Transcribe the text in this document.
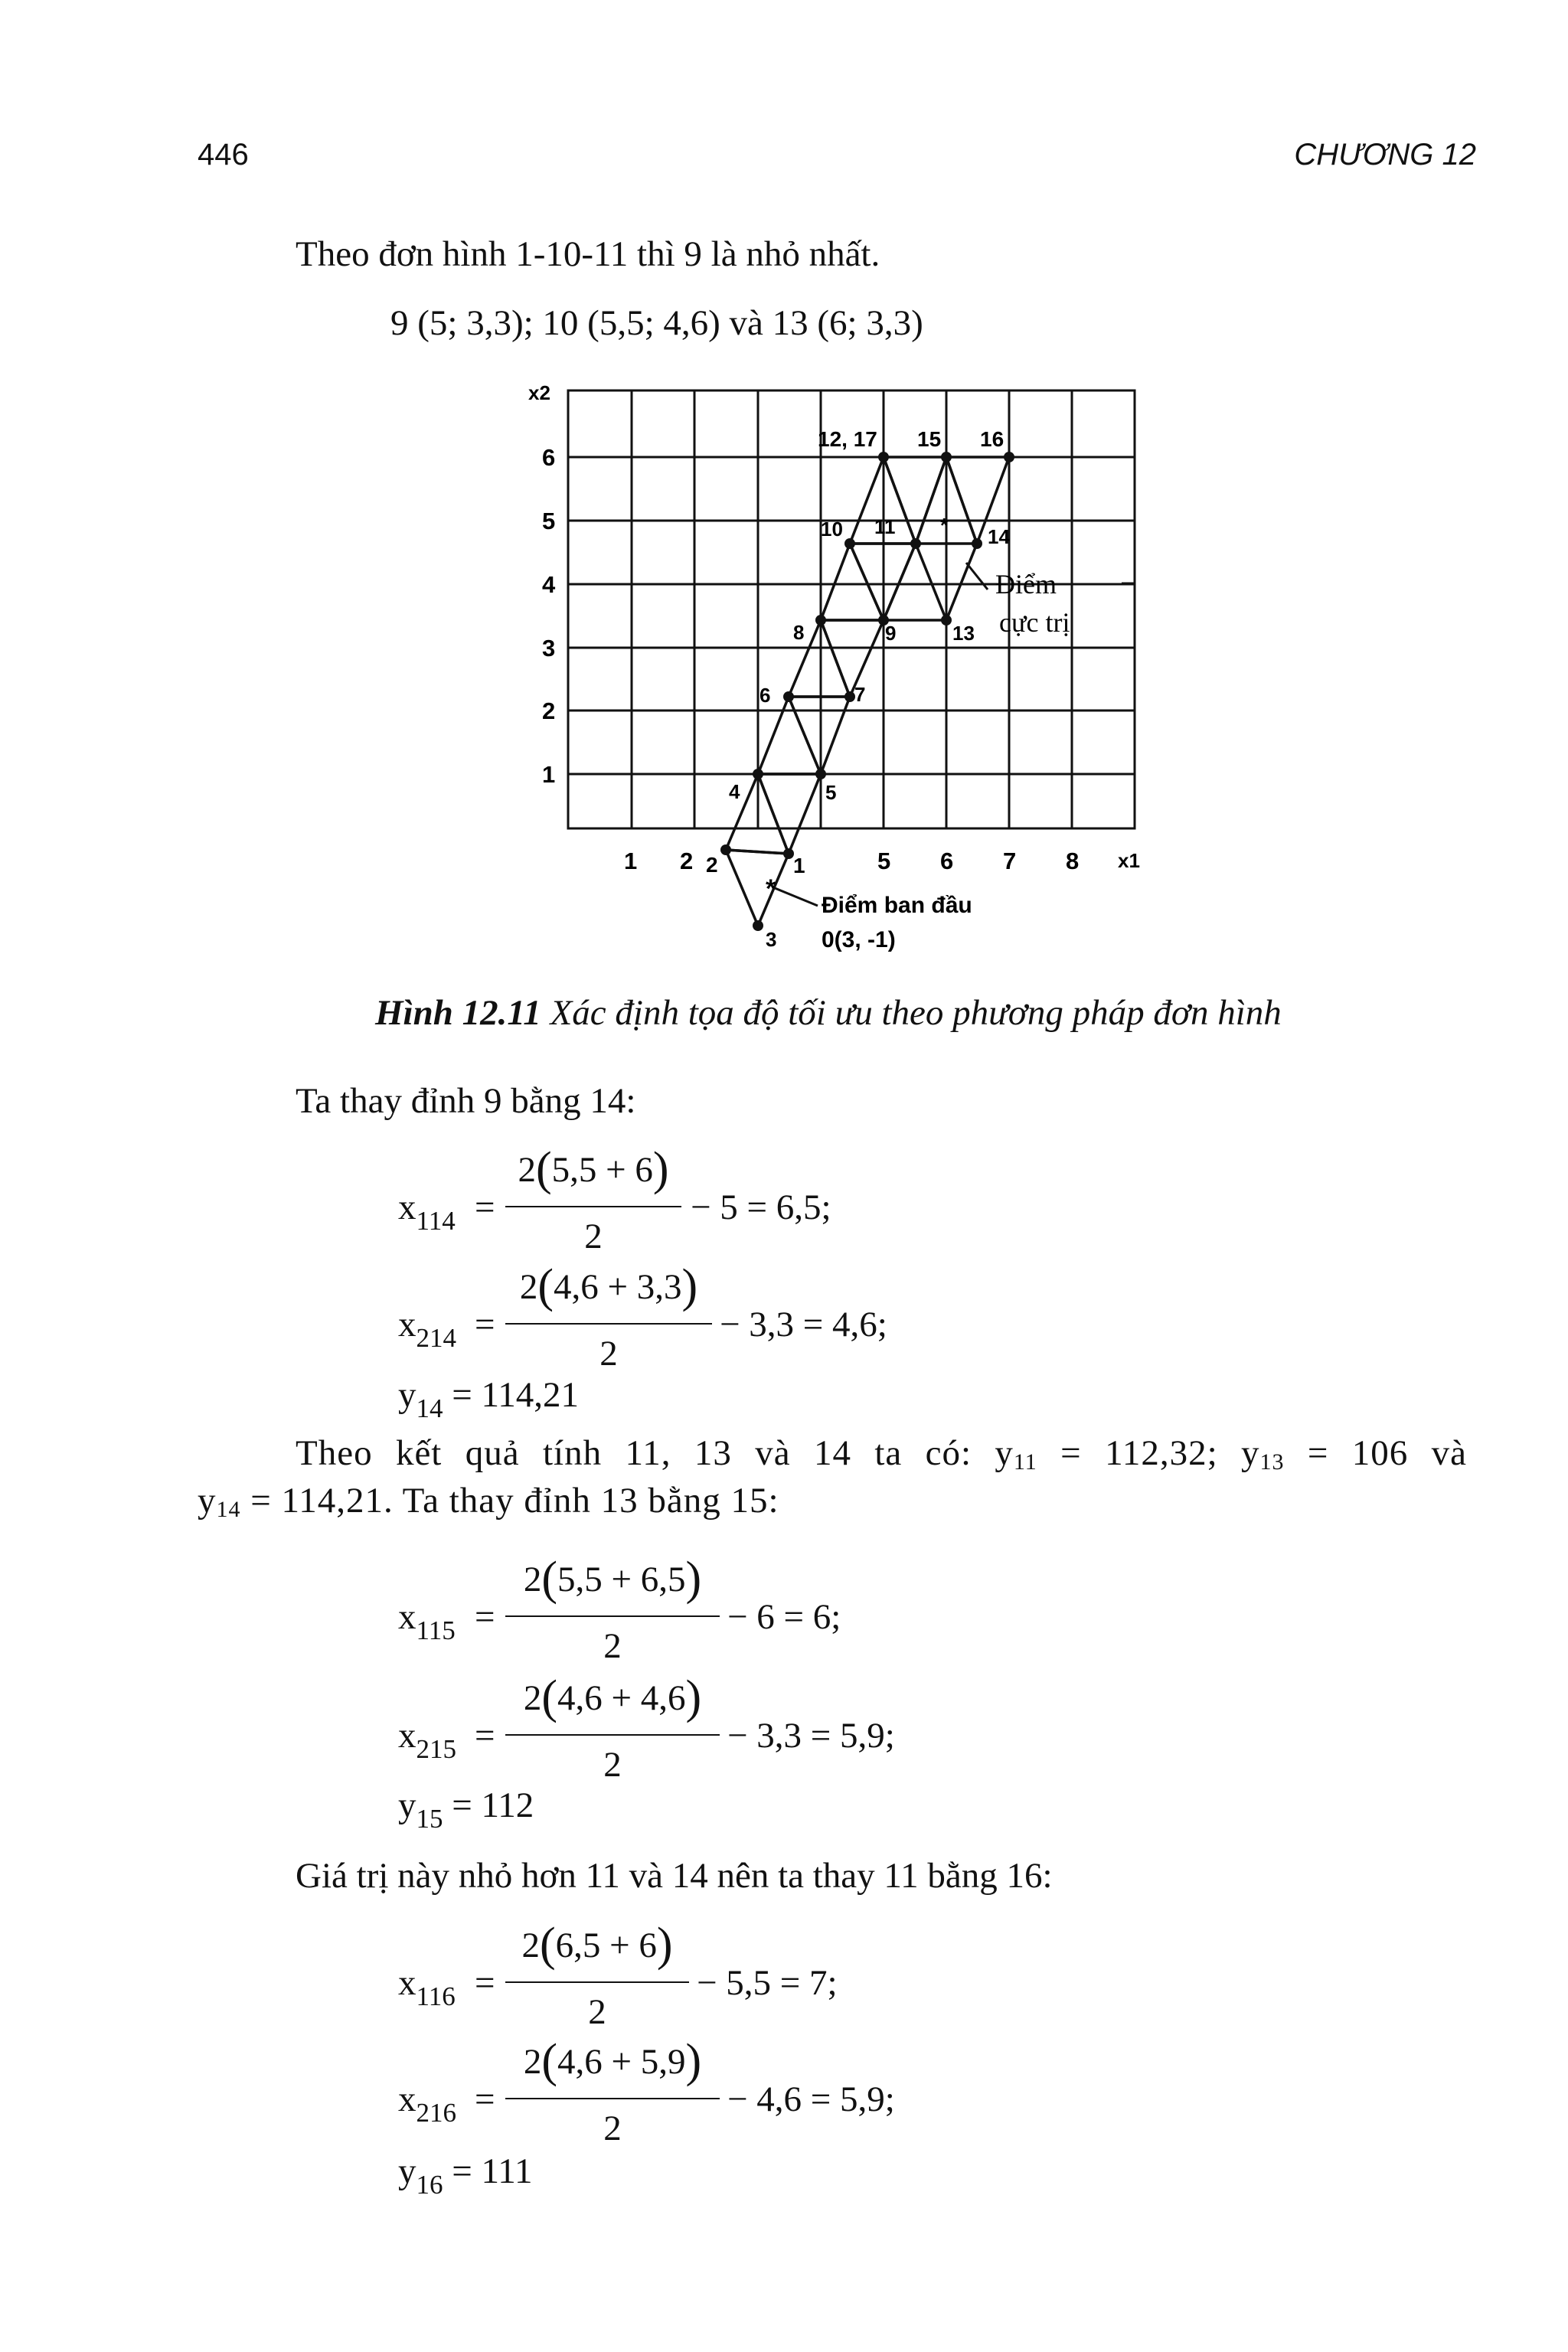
446	CHƯƠNG 12
Theo đơn hình 1-10-11 thì 9 là nhỏ nhất.
9 (5; 3,3); 10 (5,5; 4,6) và 13 (6; 3,3)
*
*
x2
x1
6
5
4
3
2
1
1 2	5 6 7 8
12, 17 15 16
10 11	14
8	9	13
6	7
4	5
2	1
3
Điểm
cực trị
Điểm ban đầu
0(3, -1)
Hình 12.11 Xác định tọa độ tối ưu theo phương pháp đơn hình
Ta thay đỉnh 9 bằng 14:
$x_{114}$ =
2(5,5 + 6)
2
− 5 = 6,5;
$x_{214}$ =
2(4,6 + 3,3)
2
− 3,3 = 4,6;
$y_{14} = 114,21$
Theo kết quả tính 11, 13 và 14 ta có: $y_{11} = 112,32$; $y_{13} = 106$ và
$y_{14} = 114,21$. Ta thay đỉnh 13 bằng 15:
$x_{115}$ =
2(5,5 + 6,5)
2
− 6 = 6;
$x_{215}$ =
2(4,6 + 4,6)
2
− 3,3 = 5,9;
$y_{15} = 112$
Giá trị này nhỏ hơn 11 và 14 nên ta thay 11 bằng 16:
$x_{116}$ =
2(6,5 + 6)
2
− 5,5 = 7;
$x_{216}$ =
2(4,6 + 5,9)
2
− 4,6 = 5,9;
$y_{16} = 111$
